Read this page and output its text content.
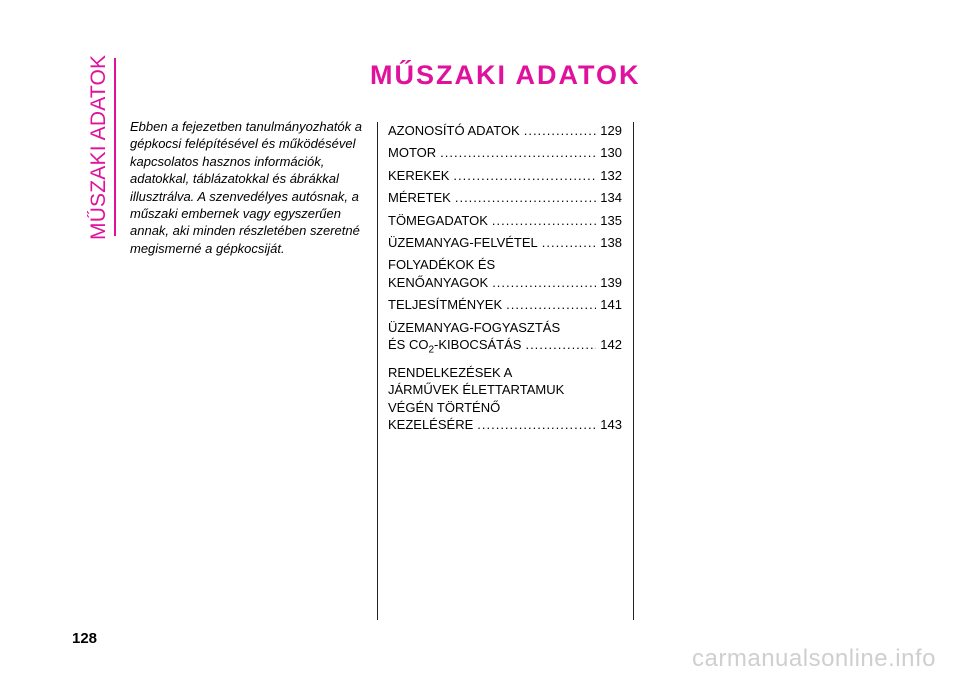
MŰSZAKI ADATOK	MŰSZAKI ADATOK

Ebben a fejezetben tanulmányozhatók a gépkocsi felépítésével és működésével kapcsolatos hasznos információk, adatokkal, táblázatokkal és ábrákkal illusztrálva. A szenvedélyes autósnak, a műszaki embernek vagy egyszerűen annak, aki minden részletében szeretné megismerné a gépkocsiját.

AZONOSÍTÓ ADATOK .....	129
MOTOR .....	130
KEREKEK .....	132
MÉRETEK .....	134
TÖMEGADATOK .....	135
ÜZEMANYAG-FELVÉTEL .....	138
FOLYADÉKOK ÉS
KENŐANYAGOK .....	139
TELJESÍTMÉNYEK .....	141
ÜZEMANYAG-FOGYASZTÁS
ÉS $CO_2$-KIBOCSÁTÁS .....	142
RENDELKEZÉSEK A
JÁRMŰVEK ÉLETTARTAMUK
VÉGÉN TÖRTÉNŐ
KEZELÉSÉRE .....	143
128
carmanualsonline.info
